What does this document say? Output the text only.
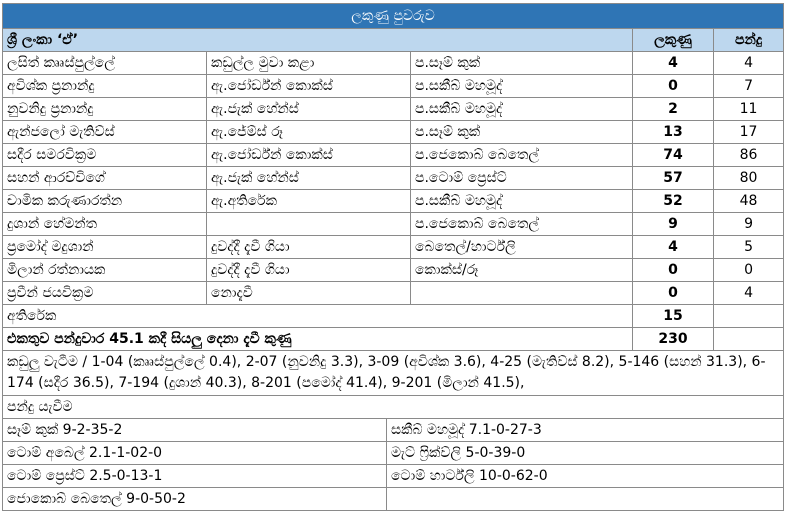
ලකුණු පුවරුව				
ශ්‍රී ලංකා ‘ඒ’			ලකුණු	පන්දු
ලසිත් කෲස්පුල්ලේ	කඩුල්ල මුවා කළා	ප.සෑම් කුක්	4	4
අවිශ්ක ප්‍රනාන්දු	ඇ.ජෝර්ඩ්න් කොක්ස්	ප.සකීබ් මහමූද්	0	7
නුවනිදු ප්‍රනාන්දු	ඇ.ජැක් හේන්ස්	ප.සකීබ් මහමූද්	2	11
ඇන්ජලෝ මැතිව්ස්	ඇ.ජේම්ස් රූ	ප.සෑම් කුක්	13	17
සදීර සමරවික්‍රම	ඇ.ජෝර්ඩ්න් කොක්ස්	ප.ජෙකොබ් බෙතෙල්	74	86
සහන් ආරච්චිගේ	ඇ.ජැක් හේන්ස්	ප.ටොම් ප්‍රෙස්ට්	57	80
චාමික කරුණාරත්න	ඇ.අතිරේක	ප.සකීබ් මහමූද්	52	48
දුශාන් හේමන්ත		ප.ජෙකොබ් බෙතෙල්	9	9
ප්‍රමෝද් මදුශාන්	දුවද්දී දැවී ගියා	බෙතෙල්/හාර්ට්ලි	4	5
මිලාන් රත්නායක	දුවද්දී දැවී ගියා	කොක්ස්/රූ	0	0
ප්‍රවීන් ජයවික්‍රම	නොදැවී		0	4
අතිරේක			15	
එකතුව පන්දුවාර 45.1 කදී සියලු දෙනා දැවී කුණු			230	
කඩුලු වැටීම / 1-04 (කෲස්පුල්ලේ 0.4), 2-07 (නුවනිදු 3.3), 3-09 (අවිශ්ක 3.6), 4-25 (මැතිව්ස් 8.2), 5-146 (සහන් 31.3), 6-174 (සදීර 36.5), 7-194 (දුශාන් 40.3), 8-201 (පමෝද් 41.4), 9-201 (මිලාන් 41.5),				
පන්දු යැවීම	
සෑම් කුක් 9-2-35-2	සකීබ් මහමූද් 7.1-0-27-3
ටොම් අබෙල් 2.1-1-02-0	මැට් ෆ්‍රික්ව්ලි 5-0-39-0
ටොම් ප්‍රෙස්ට් 2.5-0-13-1	ටොම් හාර්ට්ලි 10-0-62-0
ජොකොබ් බෙතෙල් 9-0-50-2	
